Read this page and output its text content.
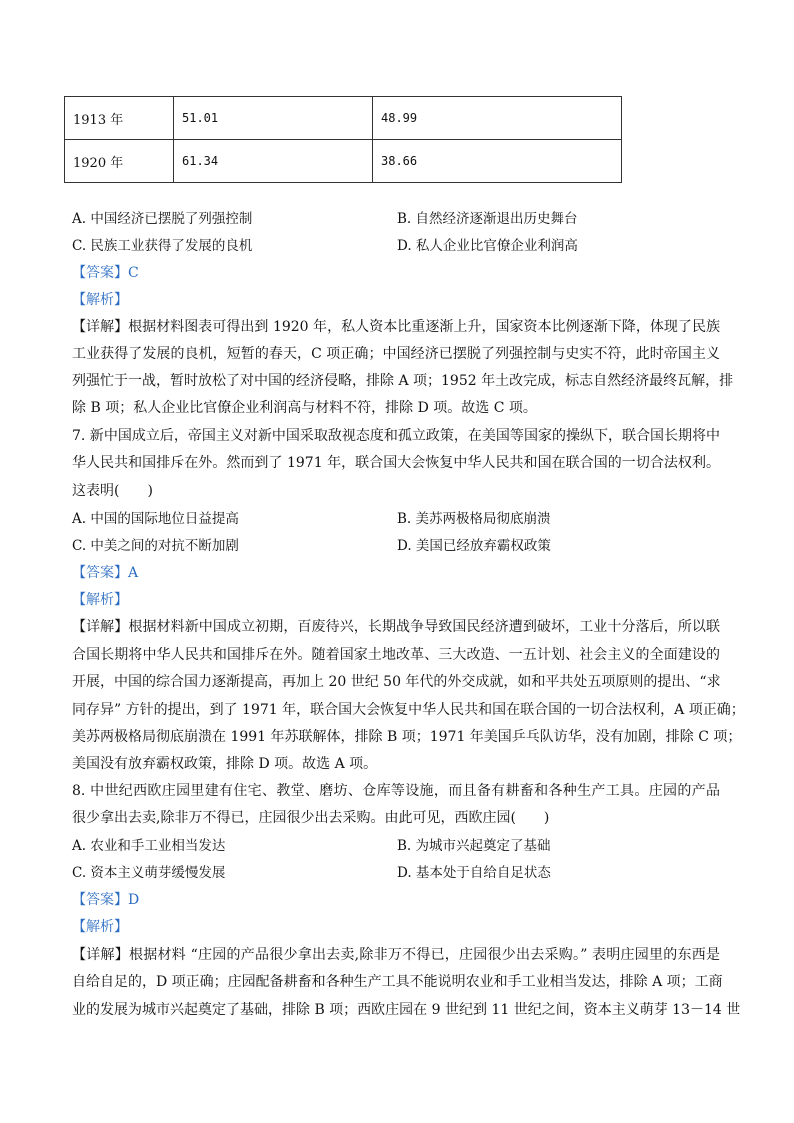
1913 年	51.01	48.99
1920 年	61.34	38.66
A. 中国经济已摆脱了列强控制	B. 自然经济逐渐退出历史舞台
C. 民族工业获得了发展的良机	D. 私人企业比官僚企业利润高
【答案】C
【解析】
【详解】根据材料图表可得出到 1920 年，私人资本比重逐渐上升，国家资本比例逐渐下降，体现了民族
工业获得了发展的良机，短暂的春天，C 项正确；中国经济已摆脱了列强控制与史实不符，此时帝国主义
列强忙于一战，暂时放松了对中国的经济侵略，排除 A 项；1952 年土改完成，标志自然经济最终瓦解，排
除 B 项；私人企业比官僚企业利润高与材料不符，排除 D 项。故选 C 项。
7. 新中国成立后，帝国主义对新中国采取敌视态度和孤立政策，在美国等国家的操纵下，联合国长期将中
华人民共和国排斥在外。然而到了 1971 年，联合国大会恢复中华人民共和国在联合国的一切合法权利。
这表明(　　)
A. 中国的国际地位日益提高	B. 美苏两极格局彻底崩溃
C. 中美之间的对抗不断加剧	D. 美国已经放弃霸权政策
【答案】A
【解析】
【详解】根据材料新中国成立初期，百废待兴，长期战争导致国民经济遭到破坏，工业十分落后，所以联
合国长期将中华人民共和国排斥在外。随着国家土地改革、三大改造、一五计划、社会主义的全面建设的
开展，中国的综合国力逐渐提高，再加上 20 世纪 50 年代的外交成就，如和平共处五项原则的提出、“求
同存异” 方针的提出，到了 1971 年，联合国大会恢复中华人民共和国在联合国的一切合法权利，A 项正确；
美苏两极格局彻底崩溃在 1991 年苏联解体，排除 B 项；1971 年美国乒乓队访华，没有加剧，排除 C 项；
美国没有放弃霸权政策，排除 D 项。故选 A 项。
8. 中世纪西欧庄园里建有住宅、教堂、磨坊、仓库等设施，而且备有耕畜和各种生产工具。庄园的产品
很少拿出去卖,除非万不得已，庄园很少出去采购。由此可见，西欧庄园(　　)
A. 农业和手工业相当发达	B. 为城市兴起奠定了基础
C. 资本主义萌芽缓慢发展	D. 基本处于自给自足状态
【答案】D
【解析】
【详解】根据材料 “庄园的产品很少拿出去卖,除非万不得已，庄园很少出去采购。” 表明庄园里的东西是
自给自足的，D 项正确；庄园配备耕畜和各种生产工具不能说明农业和手工业相当发达，排除 A 项；工商
业的发展为城市兴起奠定了基础，排除 B 项；西欧庄园在 9 世纪到 11 世纪之间，资本主义萌芽 13－14 世
